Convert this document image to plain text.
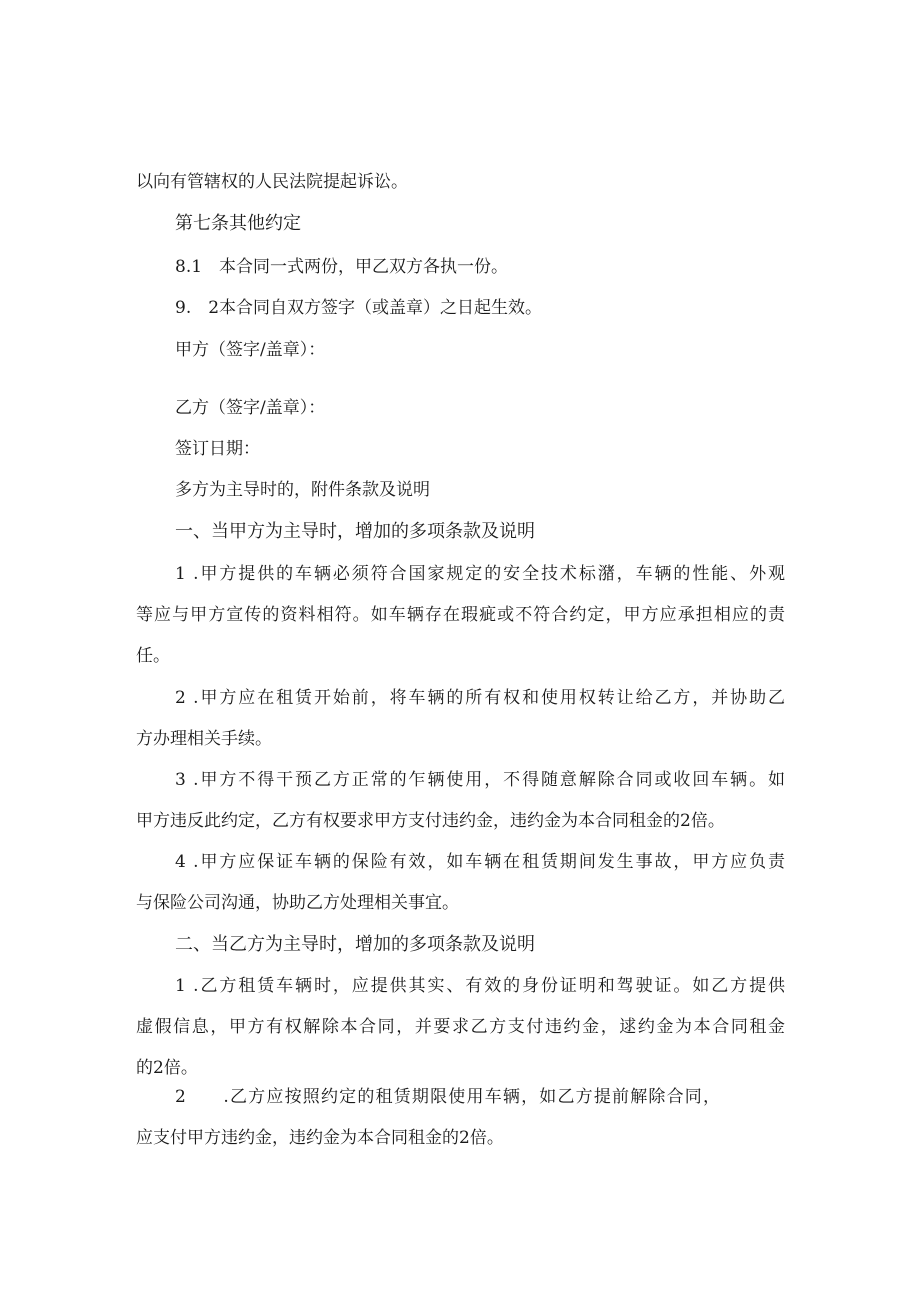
以向有管辖权的人民法院提起诉讼。

第七条其他约定

8.1　本合同一式两份，甲乙双方各执一份。

9.　2本合同自双方签字（或盖章）之日起生效。

甲方（签字/盖章）：

乙方（签字/盖章）：

签订日期：

多方为主导时的，附件条款及说明

一、当甲方为主导时，增加的多项条款及说明

1 .甲方提供的车辆必须符合国家规定的安全技术标潴，车辆的性能、外观

等应与甲方宣传的资料相符。如车辆存在瑕疵或不符合约定，甲方应承担相应的责

任。

2 .甲方应在租赁开始前，将车辆的所有权和使用权转让给乙方，并协助乙

方办理相关手续。

3 .甲方不得干预乙方正常的乍辆使用，不得随意解除合同或收回车辆。如

甲方违反此约定，乙方有权要求甲方支付违约金，违约金为本合同租金的2倍。

4 .甲方应保证车辆的保险有效，如车辆在租赁期间发生事故，甲方应负责

与保险公司沟通，协助乙方处理相关事宜。

二、当乙方为主导时，增加的多项条款及说明

1 .乙方租赁车辆时，应提供其实、有效的身份证明和驾驶证。如乙方提供

虚假信息，甲方有权解除本合同，并要求乙方支付违约金，逑约金为本合同租金

的2倍。

2　　.乙方应按照约定的租赁期限使用车辆，如乙方提前解除合同，

应支付甲方违约金，违约金为本合同租金的2倍。
